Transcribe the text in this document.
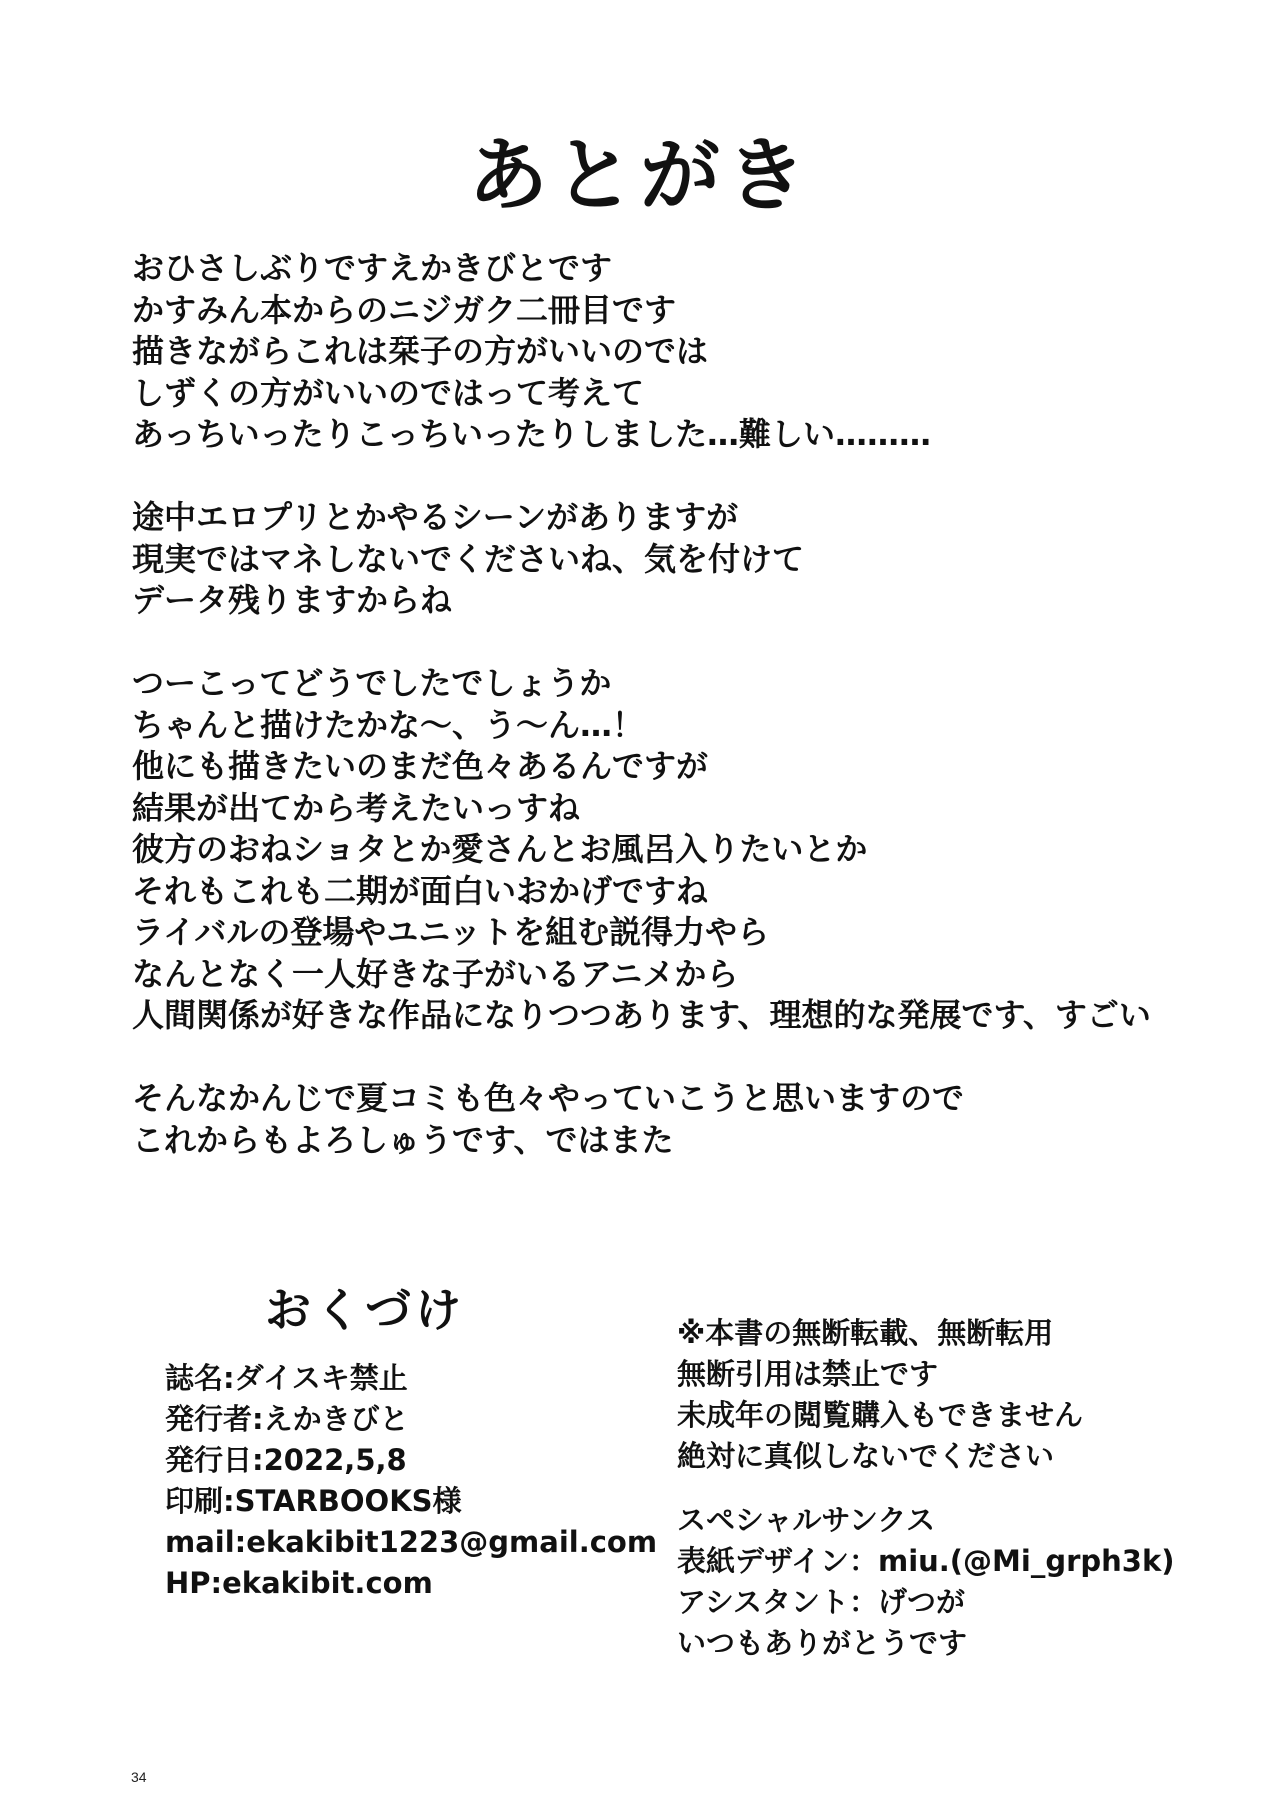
あとがき
おひさしぶりですえかきびとです
かすみん本からのニジガク二冊目です
描きながらこれは栞子の方がいいのでは
しずくの方がいいのではって考えて
あっちいったりこっちいったりしました…難しい………
途中エロプリとかやるシーンがありますが
現実ではマネしないでくださいね、気を付けて
データ残りますからね
つーこってどうでしたでしょうか
ちゃんと描けたかな〜、う〜ん…！
他にも描きたいのまだ色々あるんですが
結果が出てから考えたいっすね
彼方のおねショタとか愛さんとお風呂入りたいとか
それもこれも二期が面白いおかげですね
ライバルの登場やユニットを組む説得力やら
なんとなく一人好きな子がいるアニメから
人間関係が好きな作品になりつつあります、理想的な発展です、すごい
そんなかんじで夏コミも色々やっていこうと思いますので
これからもよろしゅうです、ではまた
おくづけ
誌名:ダイスキ禁止
発行者:えかきびと
発行日:2022,5,8
印刷:STARBOOKS様
mail:ekakibit1223@gmail.com
HP:ekakibit.com
※本書の無断転載、無断転用
無断引用は禁止です
未成年の閲覧購入もできません
絶対に真似しないでください
スペシャルサンクス
表紙デザイン：miu.(@Mi_grph3k)
アシスタント：げつが
いつもありがとうです
34
